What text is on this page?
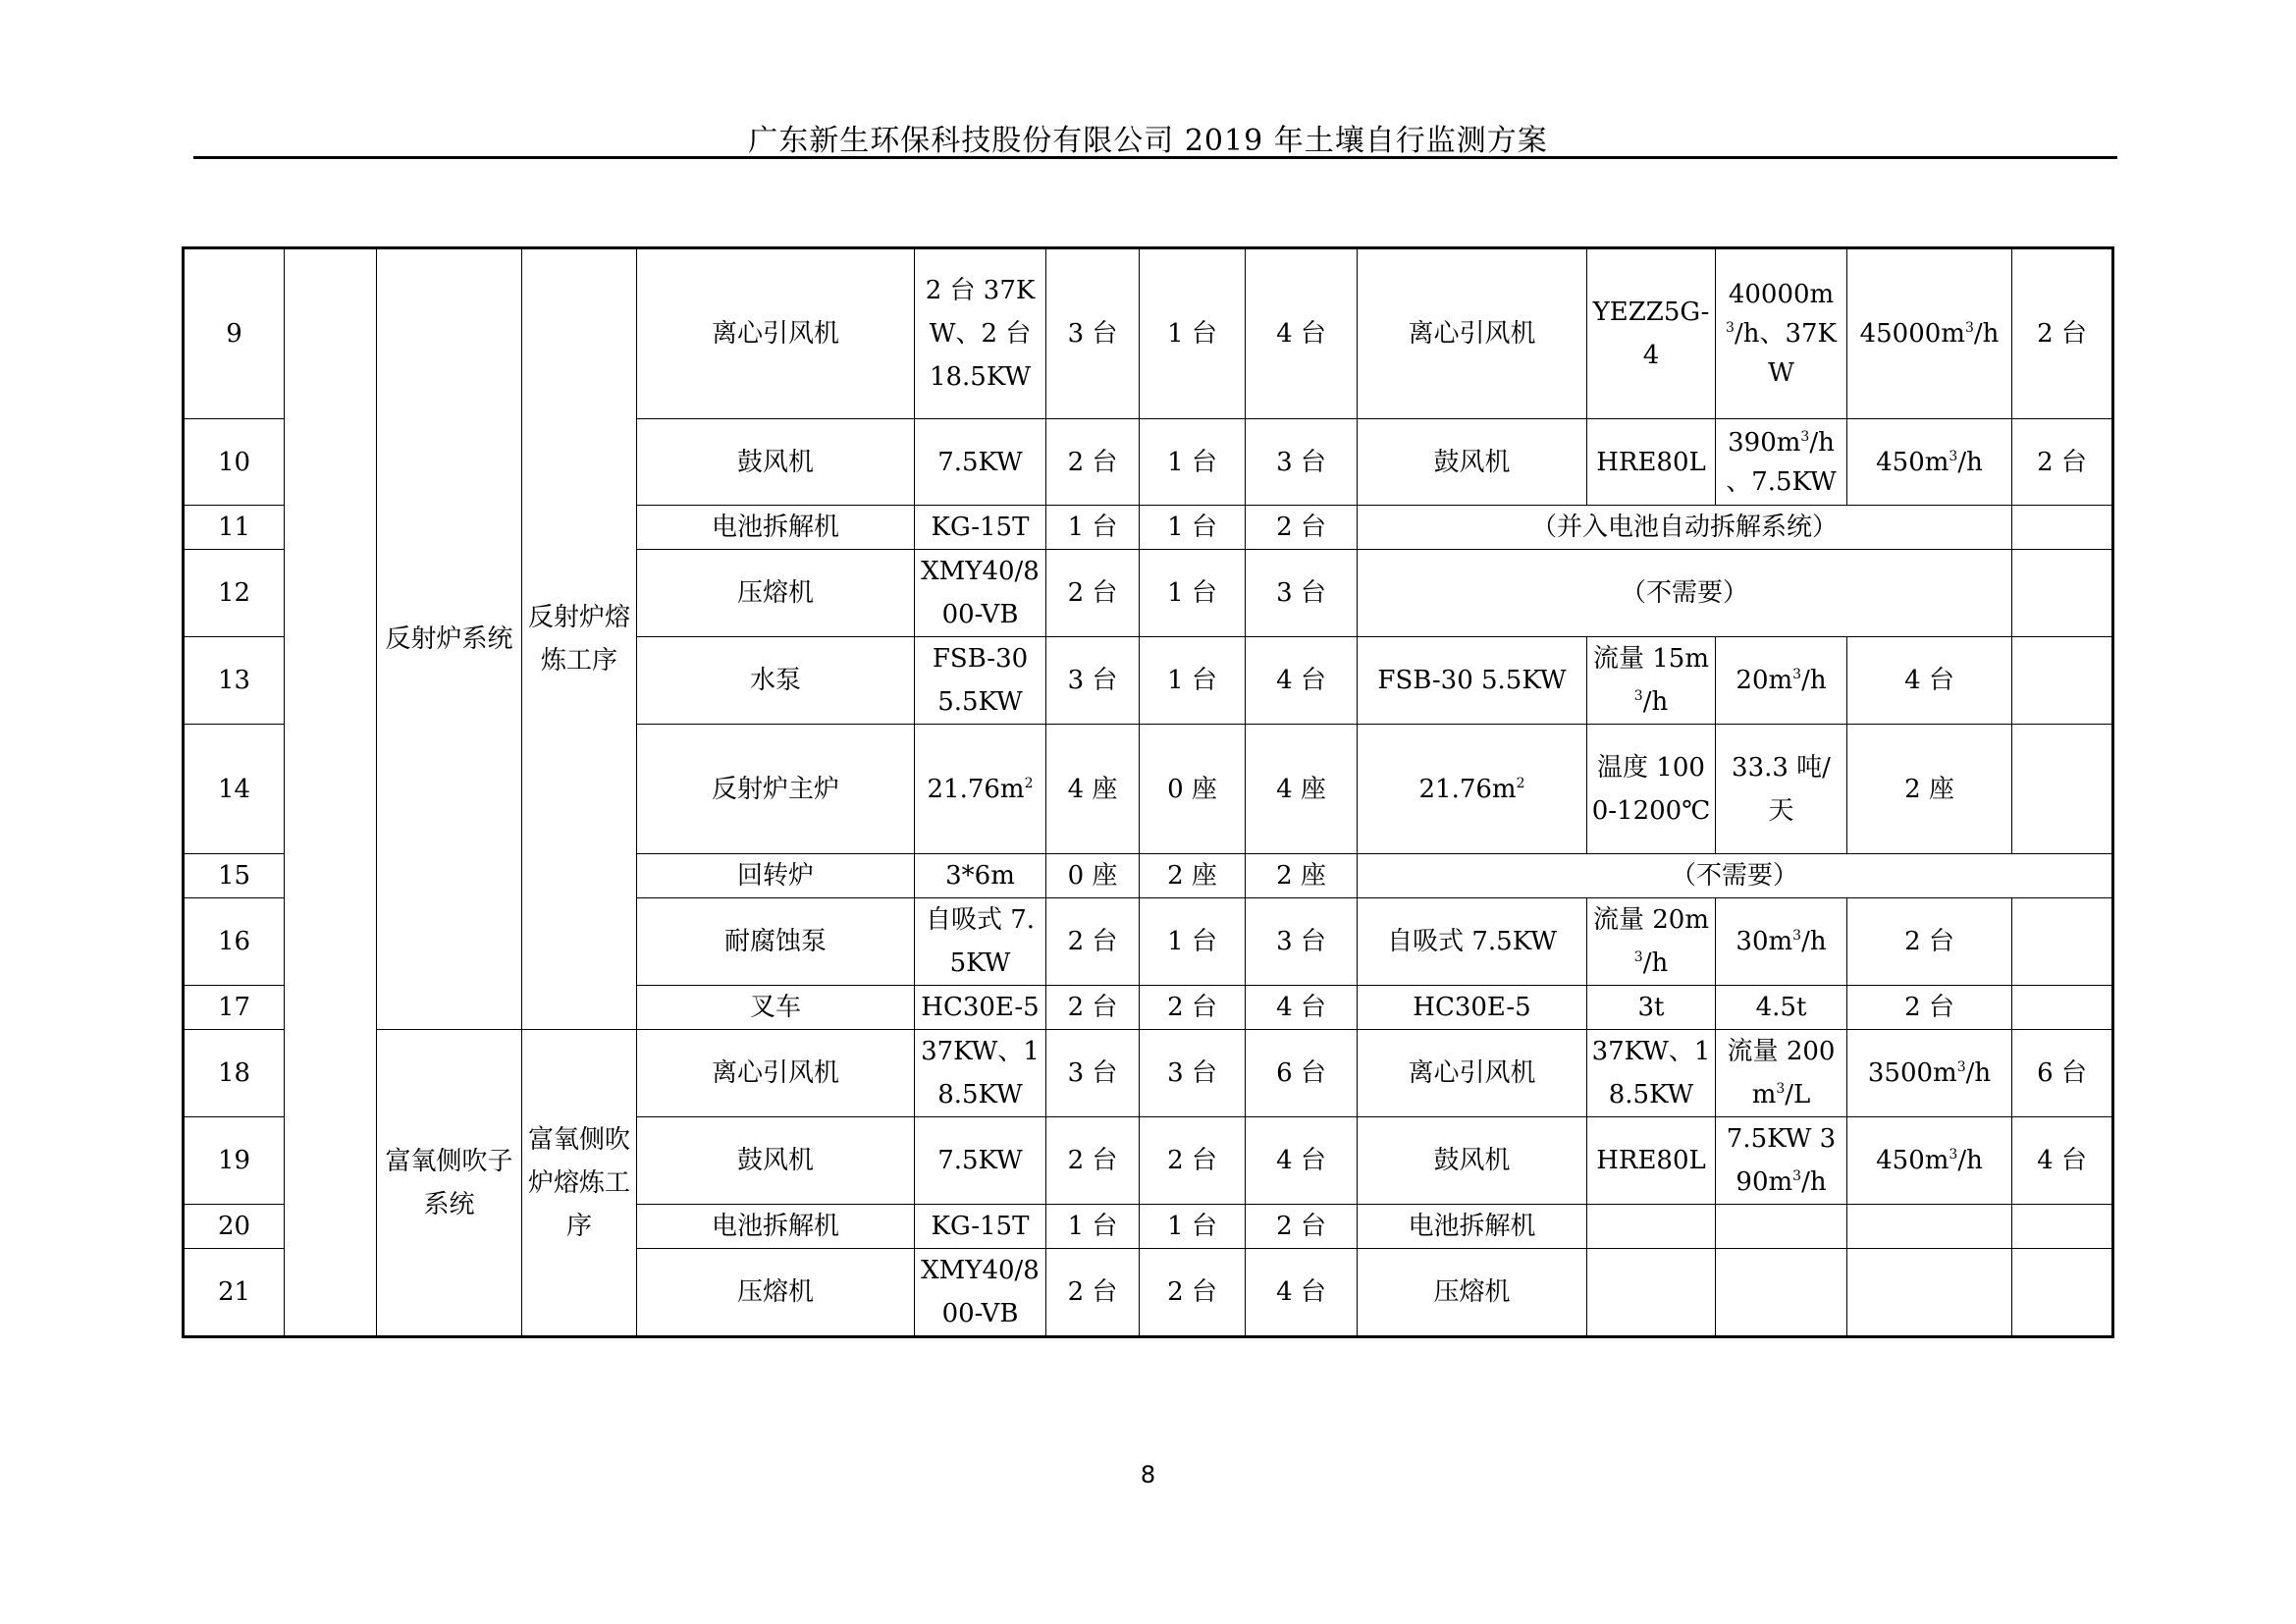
广东新生环保科技股份有限公司 2019 年土壤自行监测方案
9		反射炉系统	反射炉熔炼工序	离心引风机	2 台 37KW、2 台 18.5KW	3 台	1 台	4 台	离心引风机	YEZZ5G-4	$40000m^3/h$、37KW	$45000m^3/h$	2 台
10				鼓风机	7.5KW	2 台	1 台	3 台	鼓风机	HRE80L	$390m^3/h$ 、7.5KW	$450m^3/h$	2 台
11				电池拆解机	KG-15T	1 台	1 台	2 台	（并入电池自动拆解系统）				
12				压熔机	XMY40/800-VB	2 台	1 台	3 台	（不需要）				
13				水泵	FSB-30 5.5KW	3 台	1 台	4 台	FSB-30 5.5KW	流量 $15m^3/h$	$20m^3/h$	4 台	
14				反射炉主炉	$21.76m^2$	4 座	0 座	4 座	$21.76m^2$	温度 1000-1200℃	33.3 吨/天	2 座	
15				回转炉	3*6m	0 座	2 座	2 座	（不需要）				
16				耐腐蚀泵	自吸式 7.5KW	2 台	1 台	3 台	自吸式 7.5KW	流量 $20m^3/h$	$30m^3/h$	2 台	
17				叉车	HC30E-5	2 台	2 台	4 台	HC30E-5	3t	4.5t	2 台	
18		富氧侧吹子系统	富氧侧吹炉熔炼工序	离心引风机	37KW、18.5KW	3 台	3 台	6 台	离心引风机	37KW、18.5KW	流量 $200m^3/L$	$3500m^3/h$	6 台
19				鼓风机	7.5KW	2 台	2 台	4 台	鼓风机	HRE80L	7.5KW $390m^3/h$	$450m^3/h$	4 台
20				电池拆解机	KG-15T	1 台	1 台	2 台	电池拆解机				
21				压熔机	XMY40/800-VB	2 台	2 台	4 台	压熔机				
8
